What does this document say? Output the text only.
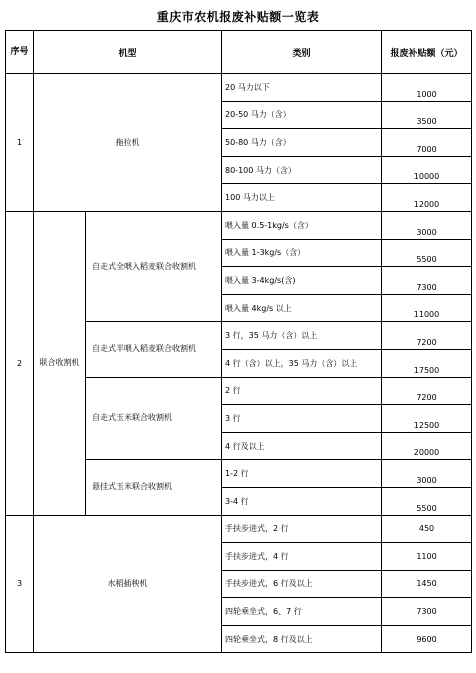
重庆市农机报废补贴额一览表
序号	机型		类别	报废补贴额（元）
1	拖拉机		20 马力以下	1000
			20-50 马力（含）	3500
			50-80 马力（含）	7000
			80-100 马力（含）	10000
			100 马力以上	12000
2	联合收割机	自走式全喂入稻麦联合收割机	喂入量 0.5-1kg/s（含）	3000
			喂入量 1-3kg/s（含）	5500
			喂入量 3-4kg/s(含)	7300
			喂入量 4kg/s 以上	11000
		自走式半喂入稻麦联合收割机	3 行，35 马力（含）以上	7200
			4 行（含）以上，35 马力（含）以上	17500
		自走式玉米联合收割机	2 行	7200
			3 行	12500
			4 行及以上	20000
		悬挂式玉米联合收割机	1-2 行	3000
			3-4 行	5500
3	水稻插秧机		手扶步进式，2 行	450
			手扶步进式，4 行	1100
			手扶步进式，6 行及以上	1450
			四轮乘坐式，6、7 行	7300
			四轮乘坐式，8 行及以上	9600
